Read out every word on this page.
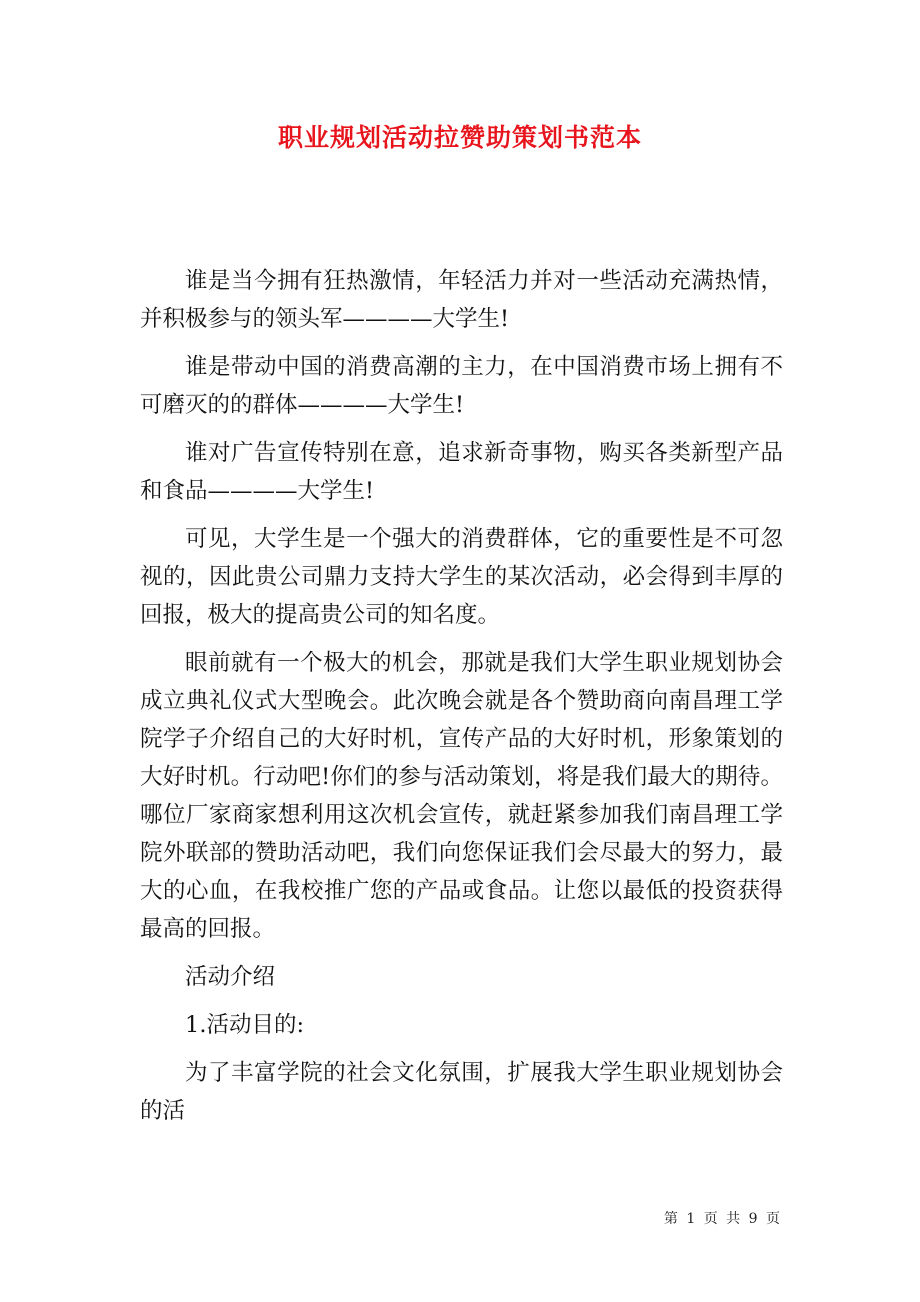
职业规划活动拉赞助策划书范本

谁是当今拥有狂热激情，年轻活力并对一些活动充满热情，并积极参与的领头军————大学生!

谁是带动中国的消费高潮的主力，在中国消费市场上拥有不可磨灭的的群体————大学生!

谁对广告宣传特别在意，追求新奇事物，购买各类新型产品和食品————大学生!

可见，大学生是一个强大的消费群体，它的重要性是不可忽视的，因此贵公司鼎力支持大学生的某次活动，必会得到丰厚的回报，极大的提高贵公司的知名度。

眼前就有一个极大的机会，那就是我们大学生职业规划协会成立典礼仪式大型晚会。此次晚会就是各个赞助商向南昌理工学院学子介绍自己的大好时机，宣传产品的大好时机，形象策划的大好时机。行动吧!你们的参与活动策划，将是我们最大的期待。哪位厂家商家想利用这次机会宣传，就赶紧参加我们南昌理工学院外联部的赞助活动吧，我们向您保证我们会尽最大的努力，最大的心血，在我校推广您的产品或食品。让您以最低的投资获得最高的回报。

活动介绍

1.活动目的:

为了丰富学院的社会文化氛围，扩展我大学生职业规划协会的活

第 1 页 共 9 页
